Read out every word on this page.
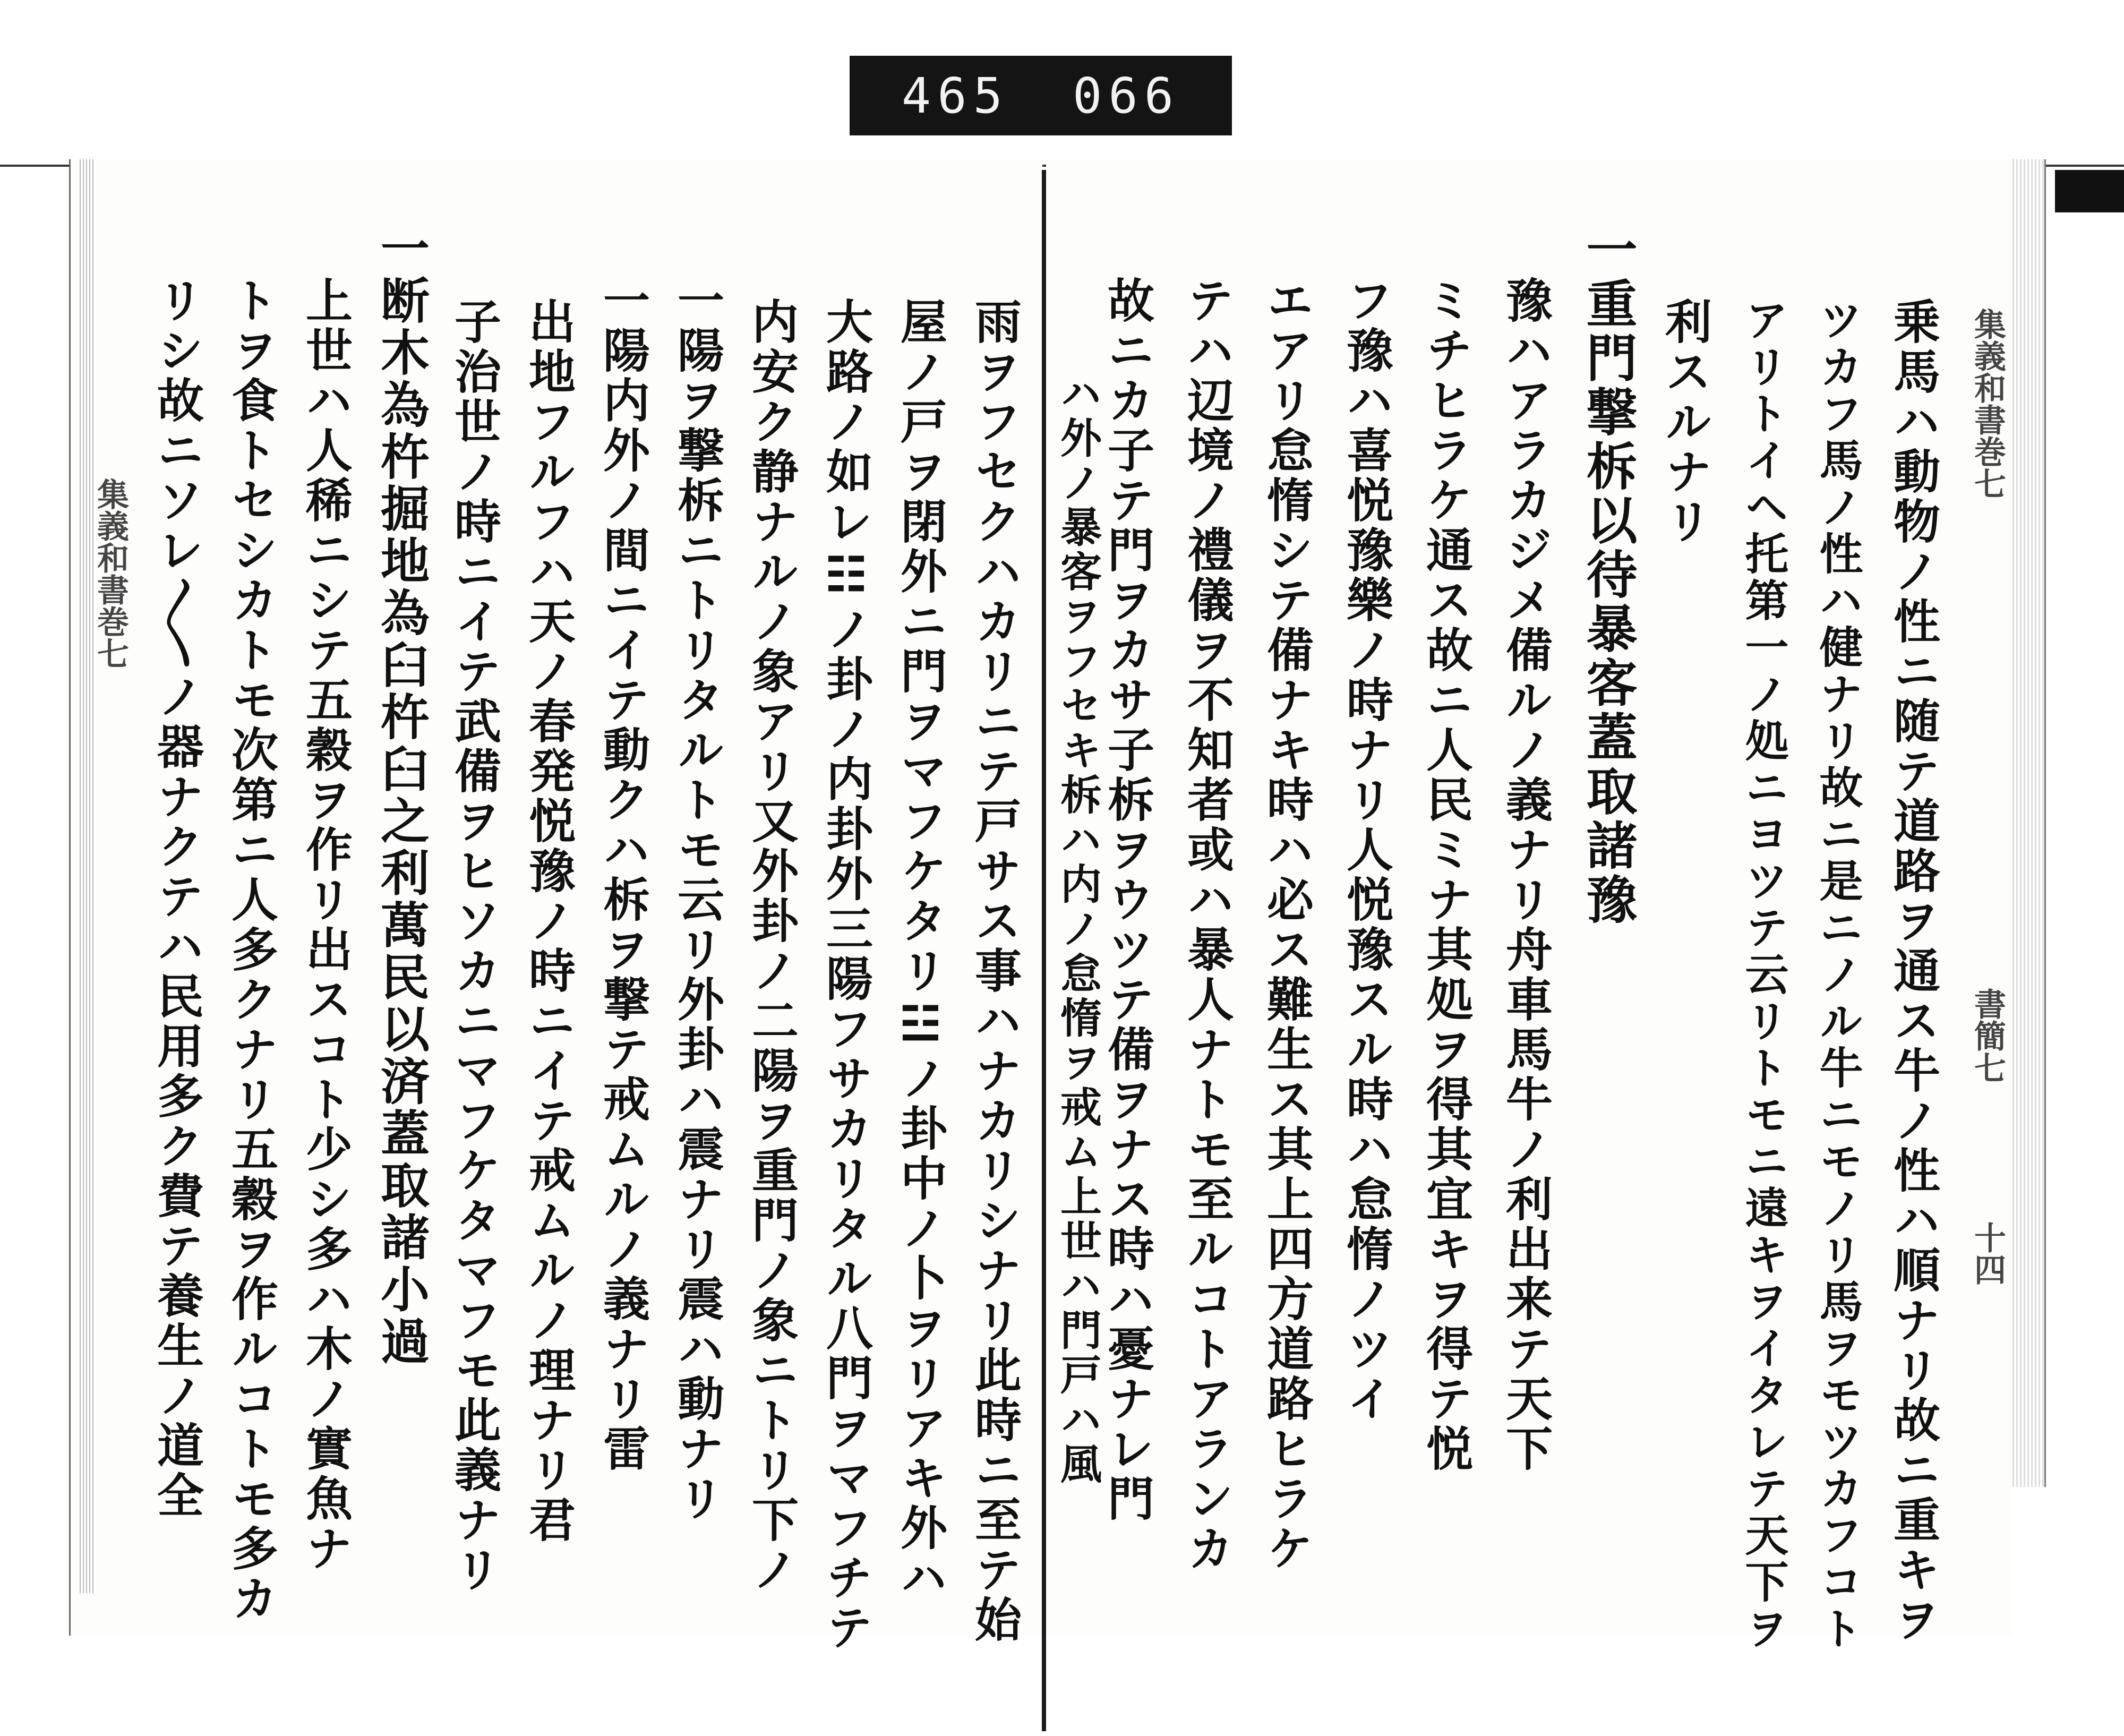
465 066
集義和書巻七
書簡七
十四
乗馬ハ動物ノ性ニ随テ道路ヲ通ス牛ノ性ハ順ナリ故ニ重キヲ
ツカフ馬ノ性ハ健ナリ故ニ是ニノル牛ニモノリ馬ヲモツカフコト
アリトイヘ托第一ノ処ニヨツテ云リトモニ遠キヲイタレテ天下ヲ
利スルナリ
一重門撃柝以待暴客蓋取諸豫
豫ハアラカジメ備ルノ義ナリ舟車馬牛ノ利出来テ天下
ミチヒラケ通ス故ニ人民ミナ其処ヲ得其宜キヲ得テ悦
フ豫ハ喜悦豫樂ノ時ナリ人悦豫スル時ハ怠惰ノツイ
エアリ怠惰シテ備ナキ時ハ必ス難生ス其上四方道路ヒラケ
テハ辺境ノ禮儀ヲ不知者或ハ暴人ナトモ至ルコトアランカ
故ニカ子テ門ヲカサ子柝ヲウツテ備ヲナス時ハ憂ナレ門
ハ外ノ暴客ヲフセキ柝ハ内ノ怠惰ヲ戒ム上世ハ門戸ハ風
集義和書巻七	雨ヲフセクハカリニテ戸サス事ハナカリシナリ此時ニ至テ始
屋ノ戸ヲ閉外ニ門ヲマフケタリ☳ノ卦中ノ卜ヲリアキ外ハ
大路ノ如レ☷ノ卦ノ内卦外三陽フサカリタル八門ヲマフチテ
内安ク静ナルノ象アリ又外卦ノ二陽ヲ重門ノ象ニトリ下ノ
一陽ヲ撃柝ニトリタルトモ云リ外卦ハ震ナリ震ハ動ナリ
一陽内外ノ間ニイテ動クハ柝ヲ撃テ戒ムルノ義ナリ雷
出地フルフハ天ノ春発悦豫ノ時ニイテ戒ムルノ理ナリ君
子治世ノ時ニイテ武備ヲヒソカニマフケタマフモ此義ナリ
一断木為杵掘地為臼杵臼之利萬民以済蓋取諸小過
上世ハ人稀ニシテ五穀ヲ作リ出スコト少シ多ハ木ノ實魚ナ
トヲ食トセシカトモ次第ニ人多クナリ五穀ヲ作ルコトモ多カ
リシ故ニソレ〳〵ノ器ナクテハ民用多ク費テ養生ノ道全
